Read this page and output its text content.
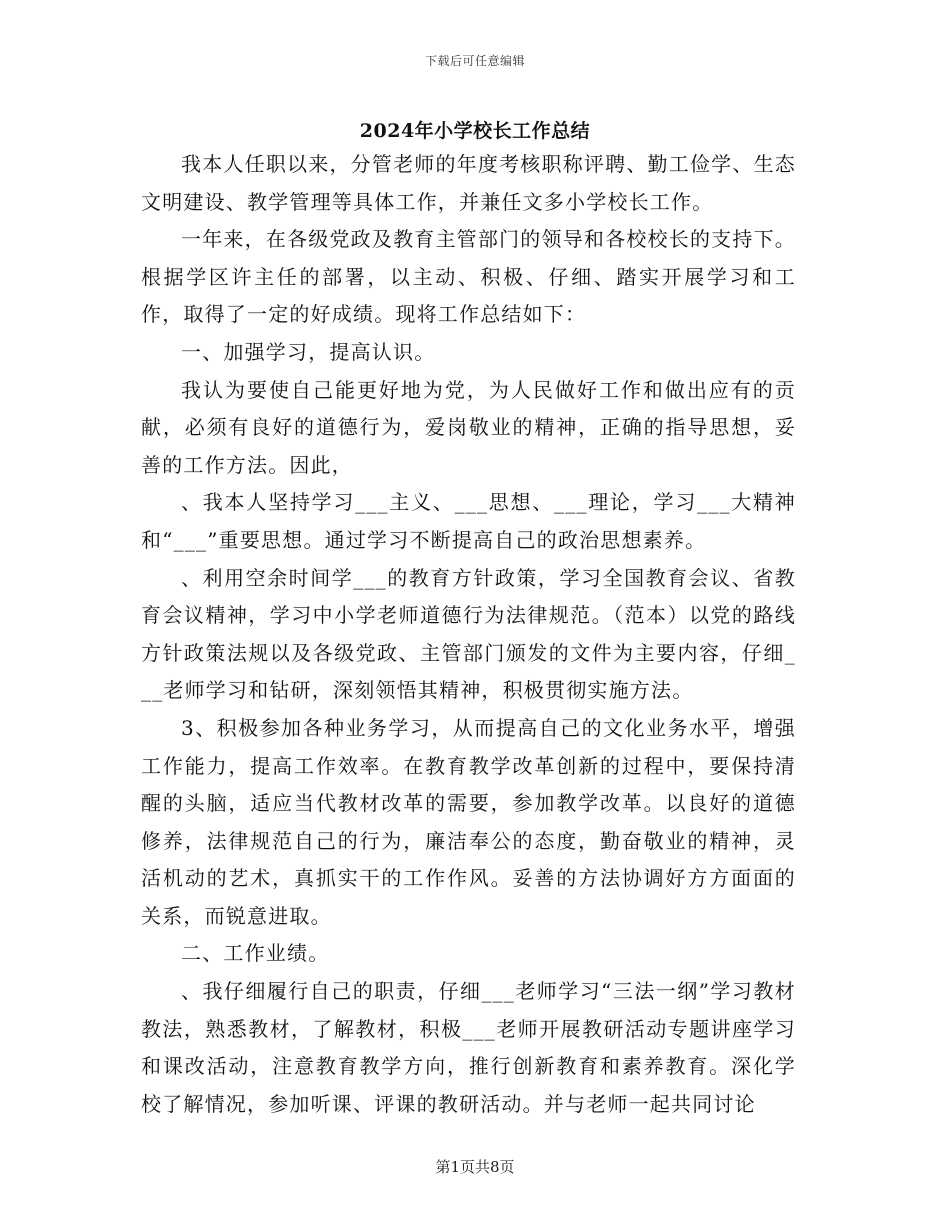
下载后可任意编辑
2024年小学校长工作总结

我本人任职以来，分管老师的年度考核职称评聘、勤工俭学、生态文明建设、教学管理等具体工作，并兼任文多小学校长工作。

一年来，在各级党政及教育主管部门的领导和各校校长的支持下。根据学区许主任的部署，以主动、积极、仔细、踏实开展学习和工作，取得了一定的好成绩。现将工作总结如下：

一、加强学习，提高认识。

我认为要使自己能更好地为党，为人民做好工作和做出应有的贡献，必须有良好的道德行为，爱岗敬业的精神，正确的指导思想，妥善的工作方法。因此，

、我本人坚持学习___主义、___思想、___理论，学习___大精神和“___”重要思想。通过学习不断提高自己的政治思想素养。

、利用空余时间学___的教育方针政策，学习全国教育会议、省教育会议精神，学习中小学老师道德行为法律规范。（范本）以党的路线方针政策法规以及各级党政、主管部门颁发的文件为主要内容，仔细___老师学习和钻研，深刻领悟其精神，积极贯彻实施方法。

3、积极参加各种业务学习，从而提高自己的文化业务水平，增强工作能力，提高工作效率。在教育教学改革创新的过程中，要保持清醒的头脑，适应当代教材改革的需要，参加教学改革。以良好的道德修养，法律规范自己的行为，廉洁奉公的态度，勤奋敬业的精神，灵活机动的艺术，真抓实干的工作作风。妥善的方法协调好方方面面的关系，而锐意进取。

二、工作业绩。

、我仔细履行自己的职责，仔细___老师学习“三法一纲”学习教材教法，熟悉教材，了解教材，积极___老师开展教研活动专题讲座学习和课改活动，注意教育教学方向，推行创新教育和素养教育。深化学校了解情况，参加听课、评课的教研活动。并与老师一起共同讨论

第1页共8页
